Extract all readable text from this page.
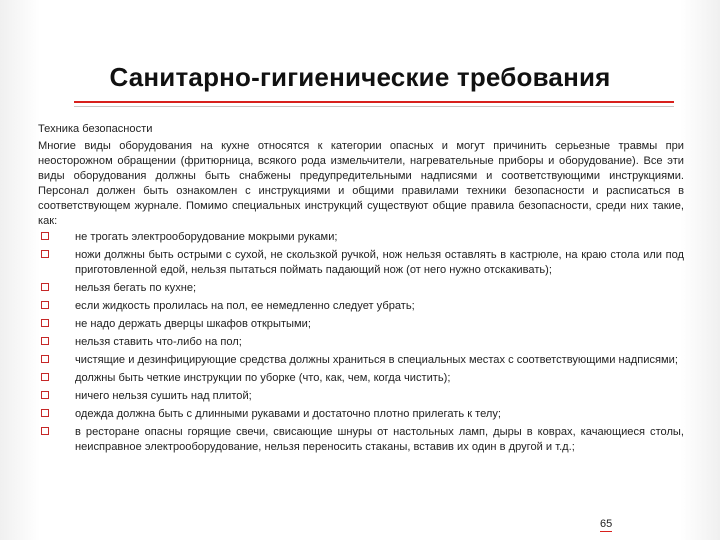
Санитарно-гигиенические требования
Техника безопасности
Многие виды оборудования на кухне относятся к категории опасных и могут причинить серьезные травмы при неосторожном обращении (фритюрница, всякого рода измельчители, нагревательные приборы и оборудование). Все эти виды оборудования должны быть снабжены предупредительными надписями и соответствующими инструкциями. Персонал должен быть ознакомлен с инструкциями и общими правилами техники безопасности и расписаться в соответствующем журнале. Помимо специальных инструкций существуют общие правила безопасности, среди них такие, как:
не трогать электрооборудование мокрыми руками;
ножи должны быть острыми с сухой, не скользкой ручкой, нож нельзя оставлять в кастрюле, на краю стола или под приготовленной едой, нельзя пытаться поймать падающий нож (от него нужно отскакивать);
нельзя бегать по кухне;
если жидкость пролилась на пол, ее немедленно следует убрать;
не надо держать дверцы шкафов открытыми;
нельзя ставить что-либо на пол;
чистящие и дезинфицирующие средства должны храниться в специальных местах с соответствующими надписями;
должны быть четкие инструкции по уборке (что, как, чем, когда чистить);
ничего нельзя сушить над плитой;
одежда должна быть с длинными рукавами и достаточно плотно прилегать к телу;
в ресторане опасны горящие свечи, свисающие шнуры от настольных ламп, дыры в коврах, качающиеся столы, неисправное электрооборудование, нельзя переносить стаканы, вставив их один в другой и т.д.;
65
